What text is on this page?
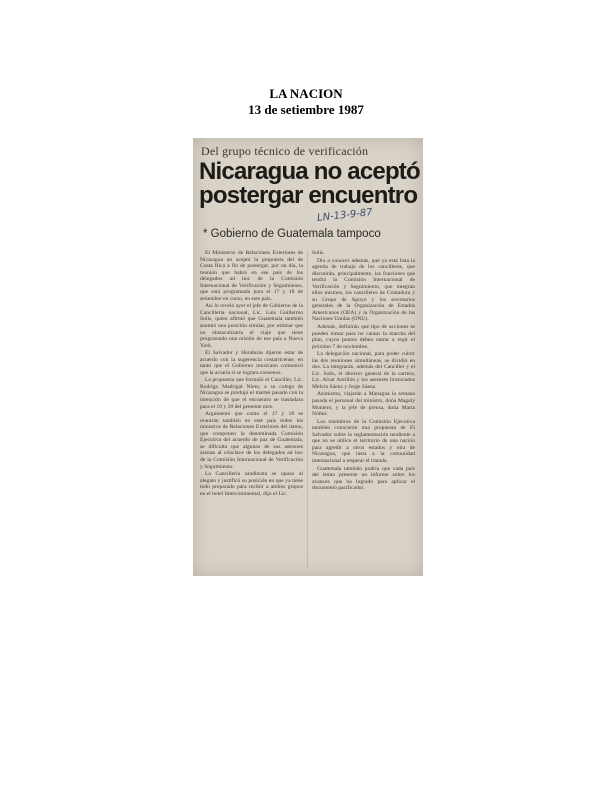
LA NACION
13 de setiembre 1987
Del grupo técnico de verificación
Nicaragua no aceptó postergar encuentro
LN-13-9-87
* Gobierno de Guatemala tampoco

El Ministerio de Relaciones Exteriores de Nicaragua no aceptó la propuesta del de Costa Rica a fin de postergar, por un día, la reunión que habrá en ese país de los delegados ad hoc de la Comisión Internacional de Verificación y Seguimiento, que está programada para el 17 y 18 de setiembre en curso, en este país.

Así lo reveló ayer el jefe de Gobierno de la Cancillería nacional, Lic. Luis Guillermo Solís, quien afirmó que Guatemala también asumió una posición similar, por estimar que no obstaculizaría el viaje que tiene programado una misión de ese país a Nueva York.

El Salvador y Honduras dijeron estar de acuerdo con la sugerencia costarricense, en tanto que el Gobierno mexicano comunicó que la aviaría si se lograra consenso.

La propuesta que formuló el Canciller, Lic. Rodrigo Madrigal Nieto, a su colega de Nicaragua se produjo el martes pasado con la intención de que el encuentro se trasladara para el 19 y 20 del presente mes.

Argumentó que como el 17 y 18 se reunirán también en este país todos los ministros de Relaciones Exteriores del istmo, que componen la denominada Comisión Ejecutiva del acuerdo de paz de Guatemala, se dificulta que algunos de sus asesores asistan al cónclave de los delegados ad hoc de la Comisión Internacional de Verificación y Seguimiento.

La Cancillería sandinista se opuso al alegato y justificó su posición en que ya tiene todo preparado para recibir a ambos grupos en el hotel Intercontinental, dijo el Lic.

Solís.

Dio a conocer además, que ya está lista la agenda de trabajo de los cancilleres, que discutirán, principalmente, las funciones que tendrá la Comisión Internacional de Verificación y Seguimiento, que integran ellos mismos, los cancilleres de Contadora y su Grupo de Apoyo y los secretarios generales de la Organización de Estados Americanos (OEA) y la Organización de las Naciones Unidas (ONU).

Además, definirán qué tipo de acciones se pueden tomar para no causar la marcha del plan, cuyos puntos deben entrar a regir el próximo 7 de noviembre.

La delegación nacional, para poder cubrir las dos reuniones simultáneas, se dividió en dos. La integrarán, además del Canciller y el Lic. Solís, el director general de la carrera, Lic. Alvar Antillón y los asesores licenciados Melvin Sáenz y Jorge Sáenz.

Asimismo, viajarán a Managua la semana pasada el personal del ministro, doña Magaly Montero, y la jefe de prensa, doña Marta Núñez.

Los miembros de la Comisión Ejecutiva también conocerán una propuesta de El Salvador sobre la reglamentación tendiente a que no se utilice el territorio de una nación para agredir a otros estados y otra de Nicaragua, que insta a la comunidad internacional a respetar el tratado.

Guatemala también podría que cada país del istmo presente un informe sobre los avances que ha logrado para aplicar el documento pacificador.
